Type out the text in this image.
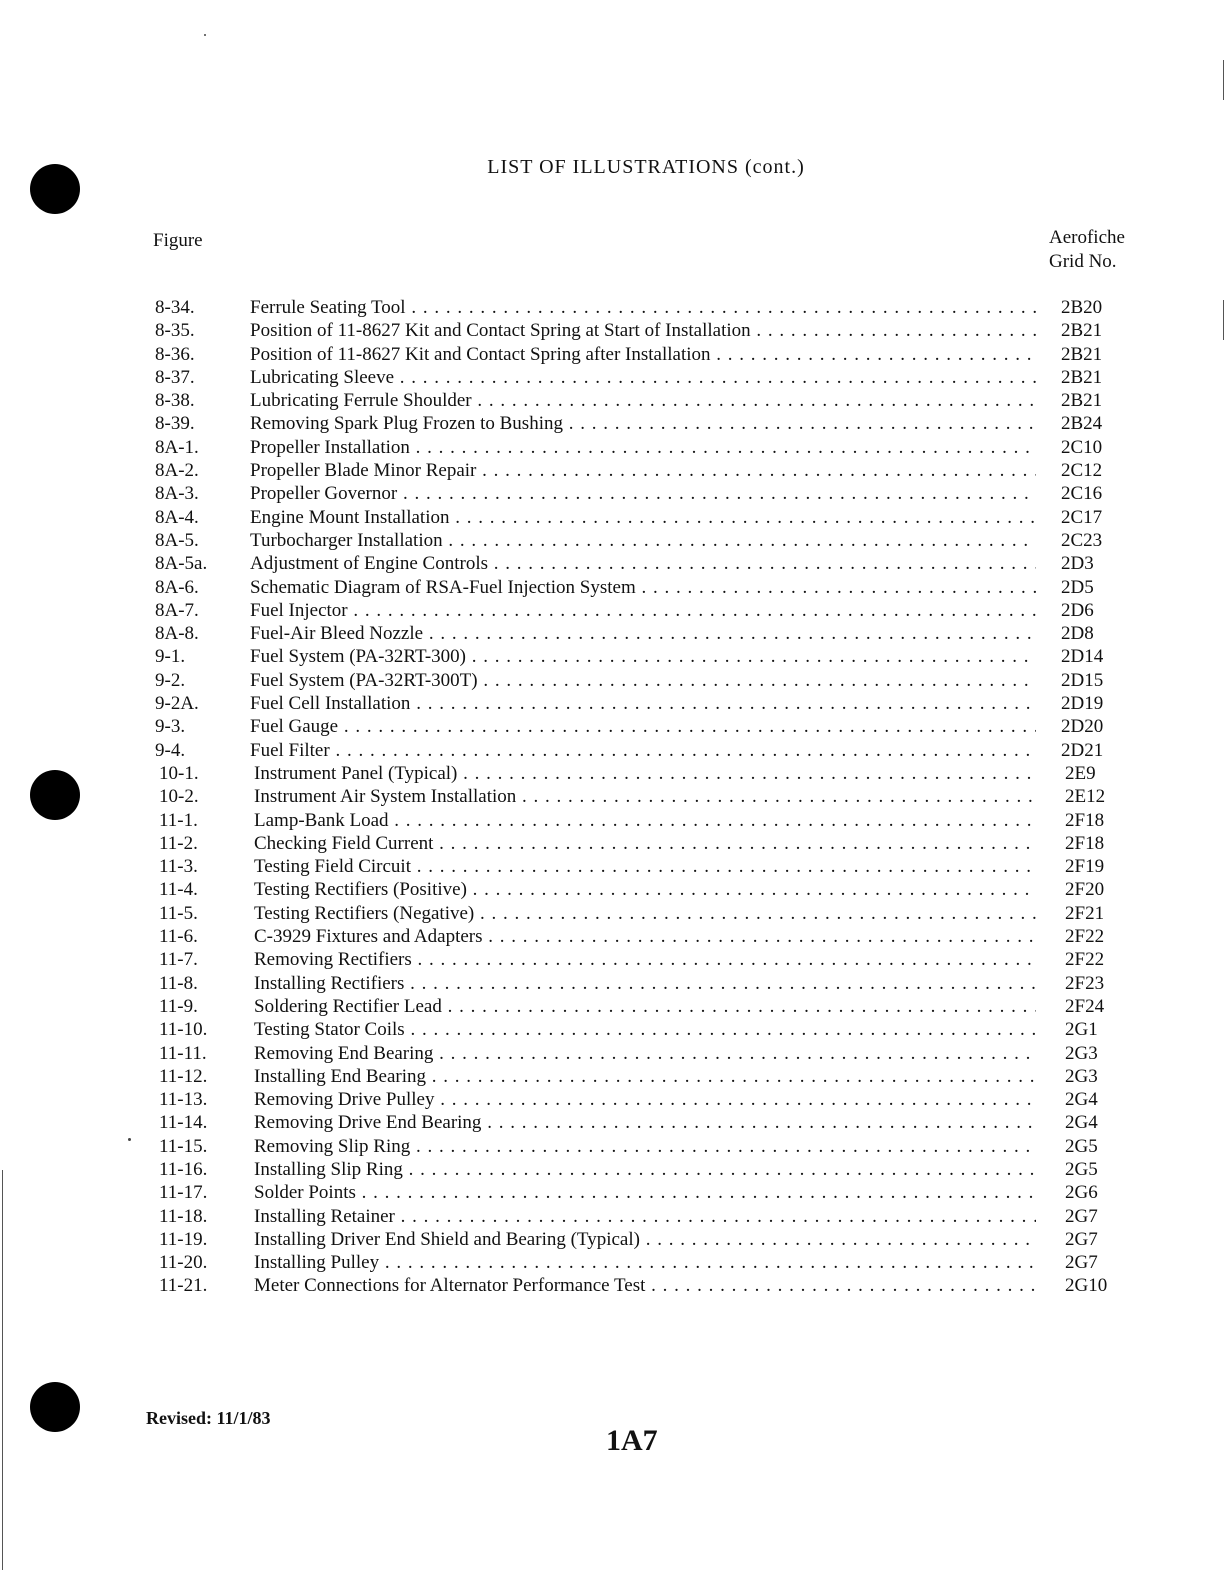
LIST OF ILLUSTRATIONS (cont.)
Figure	Aerofiche
Grid No.
8-34.	Ferrule Seating Tool . . .	2B20
8-35.	Position of 11-8627 Kit and Contact Spring at Start of Installation . . .	2B21
8-36.	Position of 11-8627 Kit and Contact Spring after Installation . . .	2B21
8-37.	Lubricating Sleeve . . .	2B21
8-38.	Lubricating Ferrule Shoulder . . .	2B21
8-39.	Removing Spark Plug Frozen to Bushing . . .	2B24
8A-1.	Propeller Installation . . .	2C10
8A-2.	Propeller Blade Minor Repair . . .	2C12
8A-3.	Propeller Governor . . .	2C16
8A-4.	Engine Mount Installation . . .	2C17
8A-5.	Turbocharger Installation . . .	2C23
8A-5a. Adjustment of Engine Controls . . .	2D3
8A-6.	Schematic Diagram of RSA-Fuel Injection System . . .	2D5
8A-7.	Fuel Injector . . .	2D6
8A-8.	Fuel-Air Bleed Nozzle . . .	2D8
9-1.	Fuel System (PA-32RT-300) . . .	2D14
9-2.	Fuel System (PA-32RT-300T) . . .	2D15
9-2A.	Fuel Cell Installation . . .	2D19
9-3.	Fuel Gauge . . .	2D20
9-4.	Fuel Filter . . .	2D21
10-1.	Instrument Panel (Typical) . . .	2E9
10-2.	Instrument Air System Installation . . .	2E12
11-1.	Lamp-Bank Load . . .	2F18
11-2.	Checking Field Current . . .	2F18
11-3.	Testing Field Circuit . . .	2F19
11-4.	Testing Rectifiers (Positive) . . .	2F20
11-5.	Testing Rectifiers (Negative) . . .	2F21
11-6.	C-3929 Fixtures and Adapters . . .	2F22
11-7.	Removing Rectifiers . . .	2F22
11-8.	Installing Rectifiers . . .	2F23
11-9.	Soldering Rectifier Lead . . .	2F24
11-10. Testing Stator Coils . . .	2G1
11-11. Removing End Bearing . . .	2G3
11-12. Installing End Bearing . . .	2G3
11-13. Removing Drive Pulley . . .	2G4
11-14. Removing Drive End Bearing . . .	2G4
11-15. Removing Slip Ring . . .	2G5
11-16. Installing Slip Ring . . .	2G5
11-17. Solder Points . . .	2G6
11-18. Installing Retainer . . .	2G7
11-19. Installing Driver End Shield and Bearing (Typical) . . .	2G7
11-20. Installing Pulley . . .	2G7
11-21. Meter Connections for Alternator Performance Test . . .	2G10
Revised: 11/1/83
1A7
